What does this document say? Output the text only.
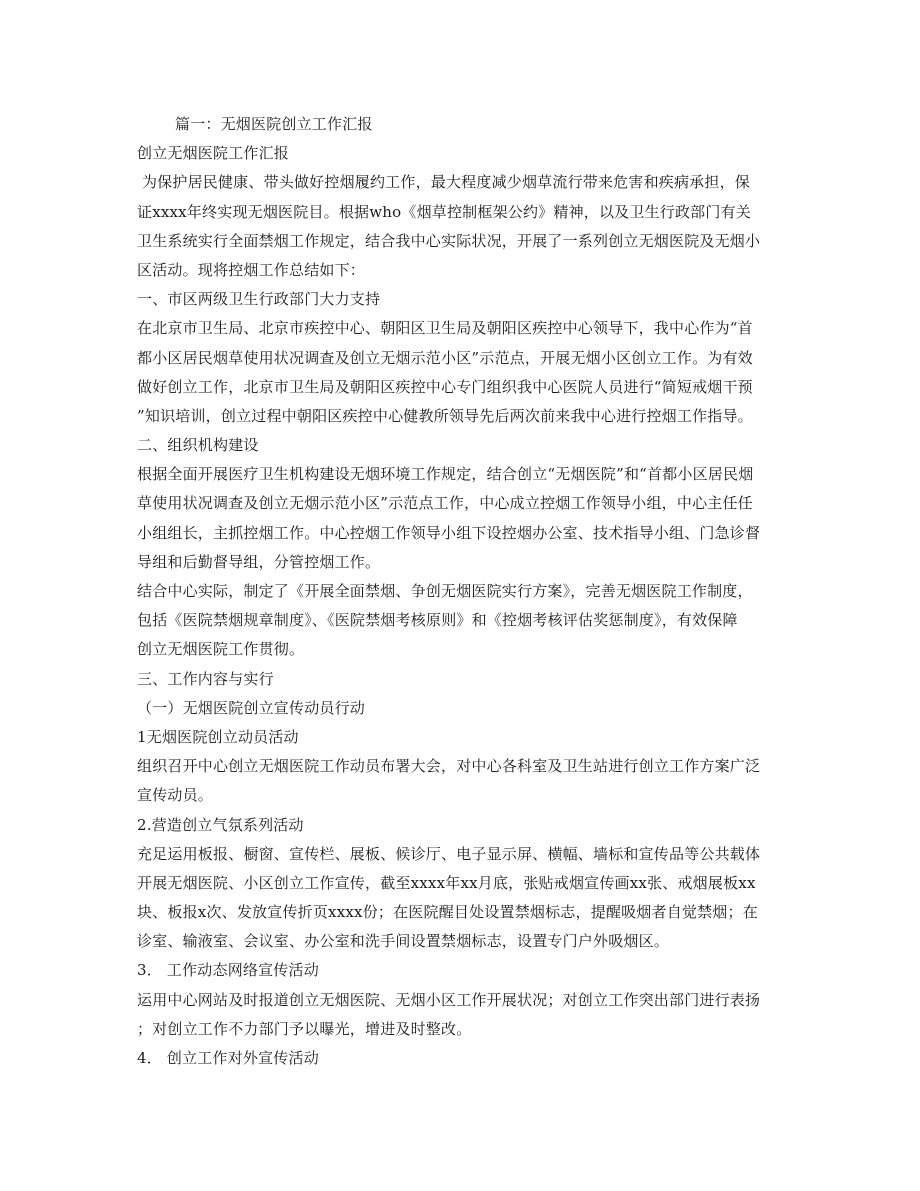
篇一：无烟医院创立工作汇报
创立无烟医院工作汇报
为保护居民健康、带头做好控烟履约工作，最大程度减少烟草流行带来危害和疾病承担，保
证xxxx年终实现无烟医院目。根据who《烟草控制框架公约》精神，以及卫生行政部门有关
卫生系统实行全面禁烟工作规定，结合我中心实际状况，开展了一系列创立无烟医院及无烟小
区活动。现将控烟工作总结如下：
一、市区两级卫生行政部门大力支持
在北京市卫生局、北京市疾控中心、朝阳区卫生局及朝阳区疾控中心领导下，我中心作为“首
都小区居民烟草使用状况调查及创立无烟示范小区”示范点，开展无烟小区创立工作。为有效
做好创立工作，北京市卫生局及朝阳区疾控中心专门组织我中心医院人员进行“简短戒烟干预
”知识培训，创立过程中朝阳区疾控中心健教所领导先后两次前来我中心进行控烟工作指导。
二、组织机构建设
根据全面开展医疗卫生机构建设无烟环境工作规定，结合创立“无烟医院”和“首都小区居民烟
草使用状况调查及创立无烟示范小区”示范点工作，中心成立控烟工作领导小组，中心主任任
小组组长，主抓控烟工作。中心控烟工作领导小组下设控烟办公室、技术指导小组、门急诊督
导组和后勤督导组，分管控烟工作。
结合中心实际，制定了《开展全面禁烟、争创无烟医院实行方案》，完善无烟医院工作制度，
包括《医院禁烟规章制度》、《医院禁烟考核原则》和《控烟考核评估奖惩制度》，有效保障
创立无烟医院工作贯彻。
三、工作内容与实行
（一）无烟医院创立宣传动员行动
1无烟医院创立动员活动
组织召开中心创立无烟医院工作动员布署大会，对中心各科室及卫生站进行创立工作方案广泛
宣传动员。
2.营造创立气氛系列活动
充足运用板报、橱窗、宣传栏、展板、候诊厅、电子显示屏、横幅、墙标和宣传品等公共载体
开展无烟医院、小区创立工作宣传，截至xxxx年xx月底，张贴戒烟宣传画xx张、戒烟展板xx
块、板报x次、发放宣传折页xxxx份；在医院醒目处设置禁烟标志，提醒吸烟者自觉禁烟；在
诊室、输液室、会议室、办公室和洗手间设置禁烟标志，设置专门户外吸烟区。
3． 工作动态网络宣传活动
运用中心网站及时报道创立无烟医院、无烟小区工作开展状况；对创立工作突出部门进行表扬
；对创立工作不力部门予以曝光，增进及时整改。
4． 创立工作对外宣传活动
